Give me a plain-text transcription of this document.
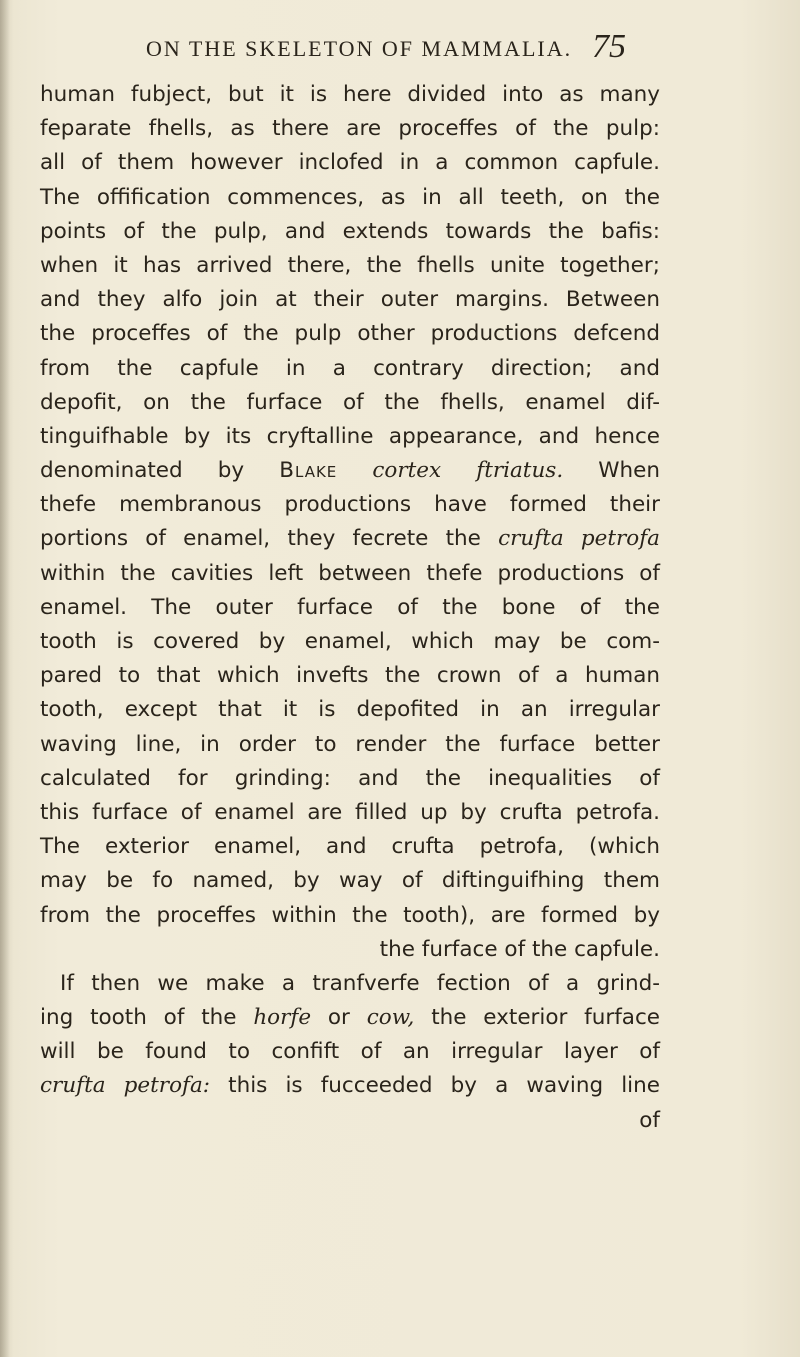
ON THE SKELETON OF MAMMALIA. 75
human fubject, but it is here divided into as many
feparate fhells, as there are proceffes of the pulp:
all of them however inclofed in a common capfule.
The offification commences, as in all teeth, on the
points of the pulp, and extends towards the bafis:
when it has arrived there, the fhells unite together;
and they alfo join at their outer margins. Between
the proceffes of the pulp other productions defcend
from the capfule in a contrary direction; and
depofit, on the furface of the fhells, enamel dif-
tinguifhable by its cryftalline appearance, and hence
denominated by Blake cortex ftriatus. When
thefe membranous productions have formed their
portions of enamel, they fecrete the crufta petrofa
within the cavities left between thefe productions of
enamel. The outer furface of the bone of the
tooth is covered by enamel, which may be com-
pared to that which invefts the crown of a human
tooth, except that it is depofited in an irregular
waving line, in order to render the furface better
calculated for grinding: and the inequalities of
this furface of enamel are filled up by crufta petrofa.
The exterior enamel, and crufta petrofa, (which
may be fo named, by way of diftinguifhing them
from the proceffes within the tooth), are formed by
the furface of the capfule.
If then we make a tranfverfe fection of a grind-
ing tooth of the horfe or cow, the exterior furface
will be found to confift of an irregular layer of
crufta petrofa: this is fucceeded by a waving line
of
